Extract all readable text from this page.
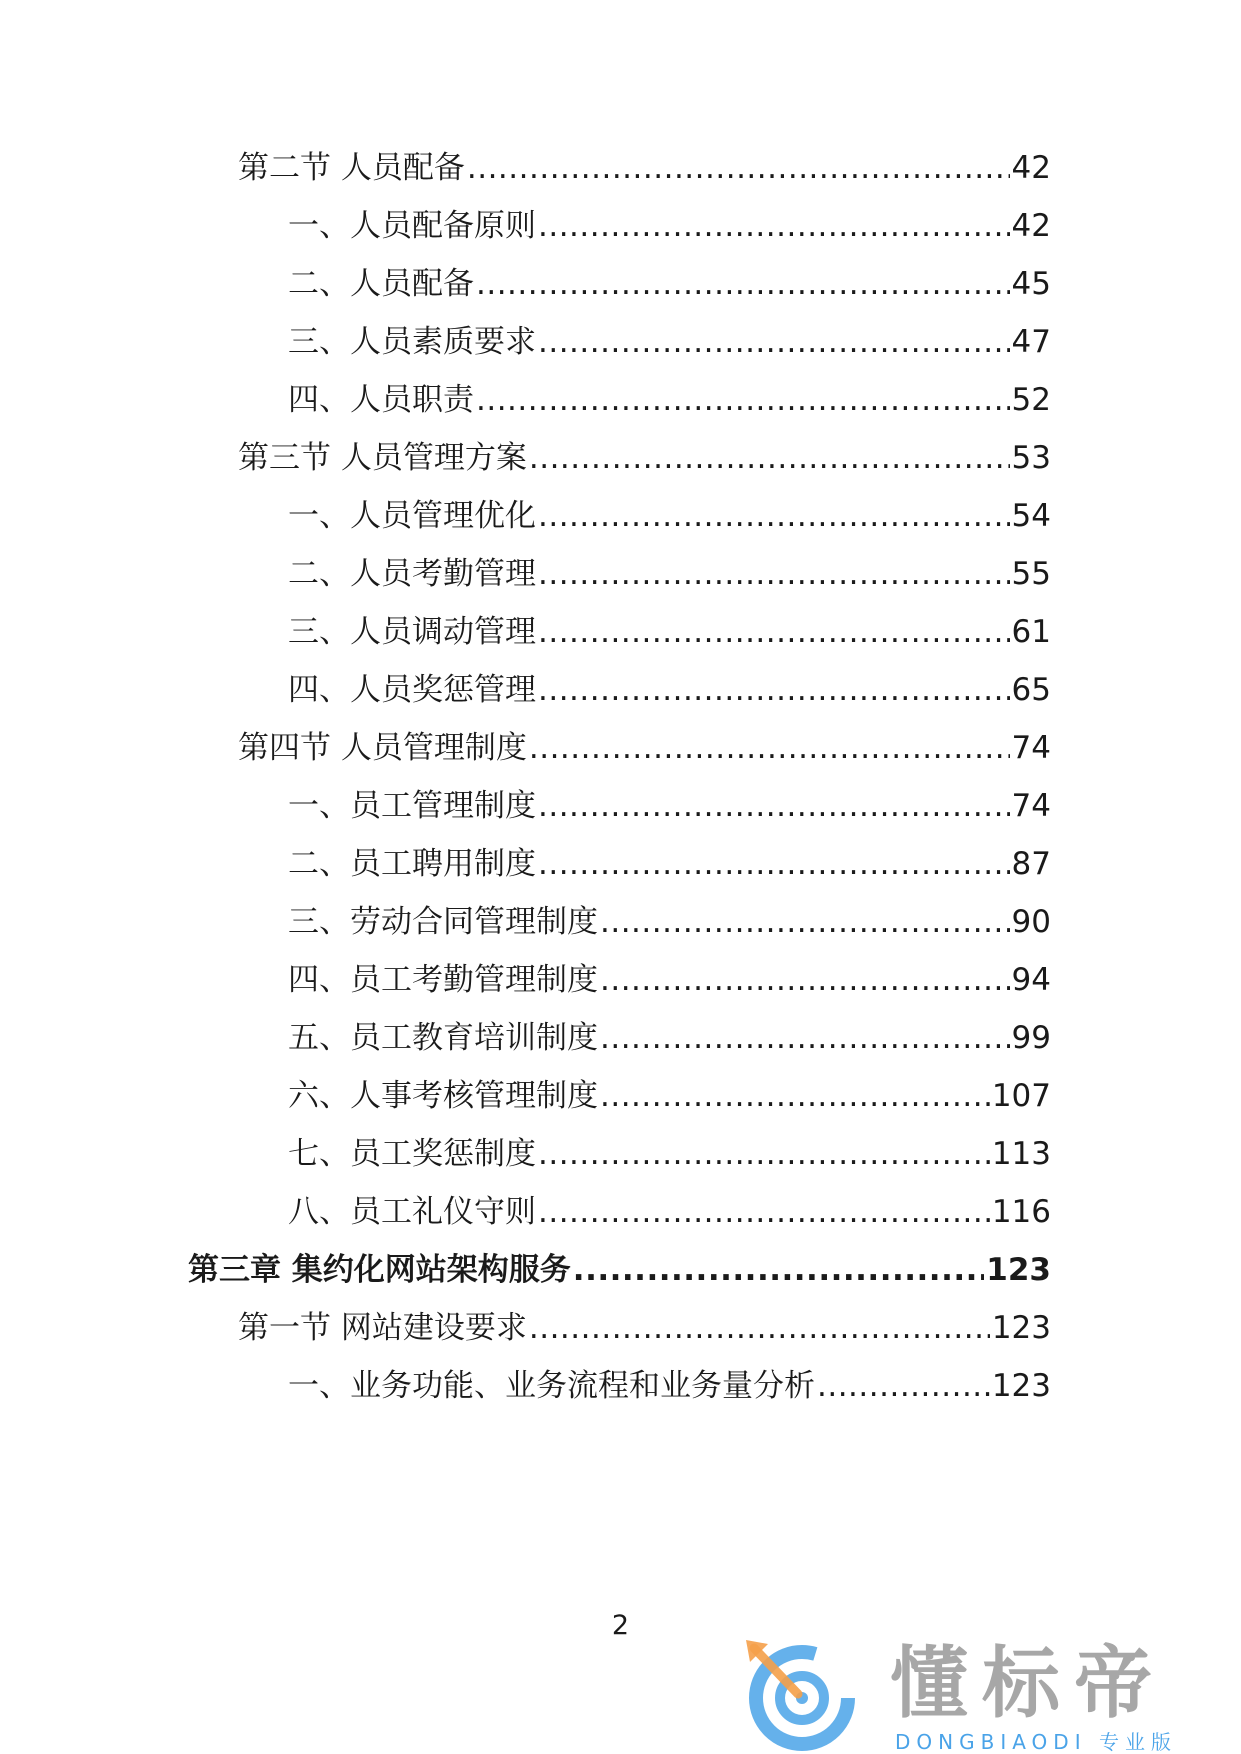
第二节 人员配备 .....	42
一、人员配备原则 .....	42
二、人员配备 .....	45
三、人员素质要求 .....	47
四、人员职责 .....	52
第三节 人员管理方案 .....	53
一、人员管理优化 .....	54
二、人员考勤管理 .....	55
三、人员调动管理 .....	61
四、人员奖惩管理 .....	65
第四节 人员管理制度 .....	74
一、员工管理制度 .....	74
二、员工聘用制度 .....	87
三、劳动合同管理制度 .....	90
四、员工考勤管理制度 .....	94
五、员工教育培训制度 .....	99
六、人事考核管理制度 .....	107
七、员工奖惩制度 .....	113
八、员工礼仪守则 .....	116
第三章 集约化网站架构服务 .....	123
第一节 网站建设要求 .....	123
一、业务功能、业务流程和业务量分析 .....	123
2
懂标帝
DONGBIAODI 专业版
